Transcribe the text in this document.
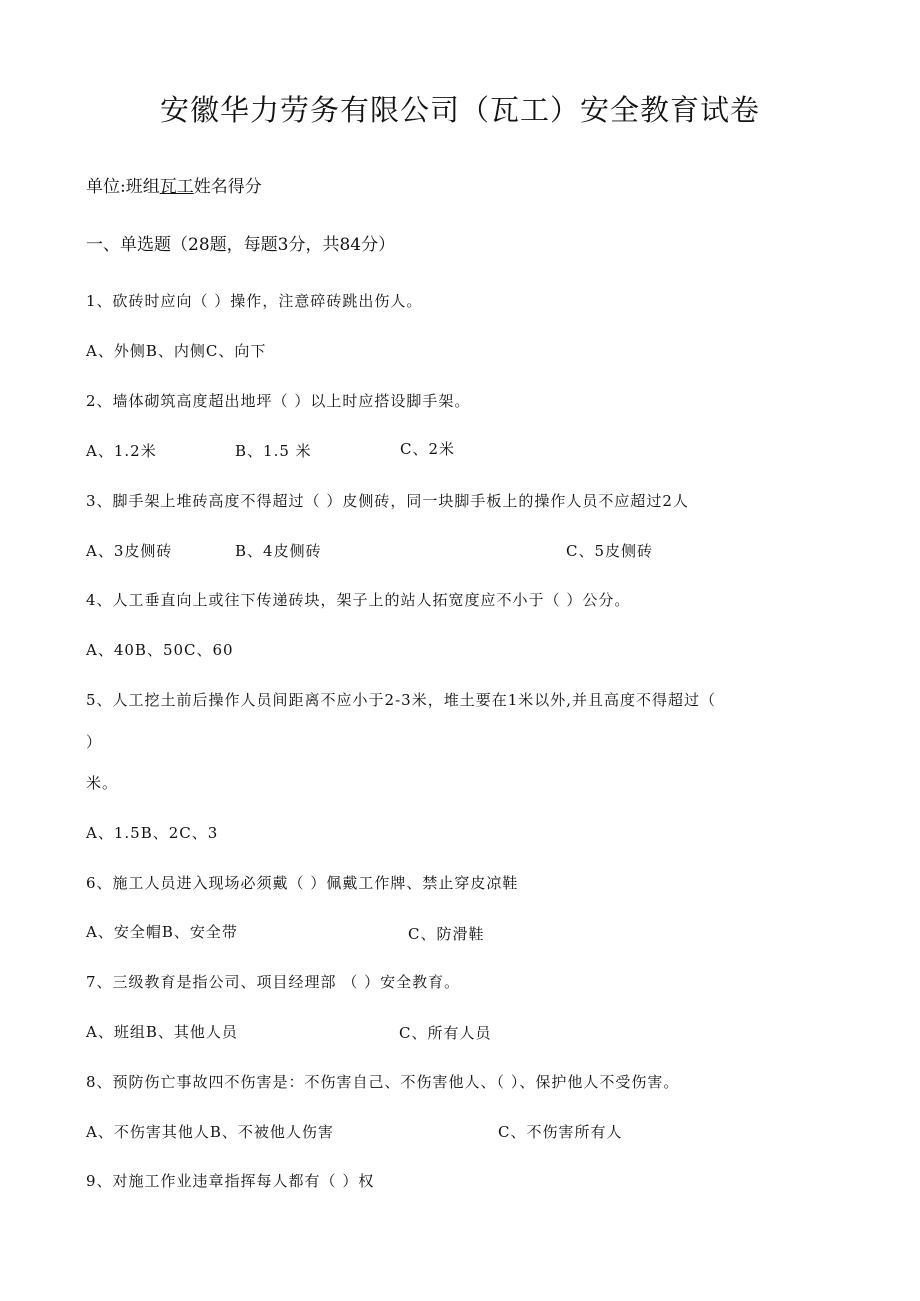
安徽华力劳务有限公司（瓦工）安全教育试卷
单位:班组瓦工姓名得分
一、单选题（28题，每题3分，共84分）
1、砍砖时应向（ ）操作，注意碎砖跳出伤人。
A、外侧B、内侧C、向下
2、墙体砌筑高度超出地坪（ ）以上时应搭设脚手架。
A、1.2米	B、1.5 米	C、2米
3、脚手架上堆砖高度不得超过（ ）皮侧砖，同一块脚手板上的操作人员不应超过2人
A、3皮侧砖	B、4皮侧砖	C、5皮侧砖
4、人工垂直向上或往下传递砖块，架子上的站人拓宽度应不小于（ ）公分。
A、40B、50C、60
5、人工挖土前后操作人员间距离不应小于2-3米，堆土要在1米以外,并且高度不得超过（
）
米。
A、1.5B、2C、3
6、施工人员进入现场必须戴（ ）佩戴工作牌、禁止穿皮凉鞋
A、安全帽B、安全带	C、防滑鞋
7、三级教育是指公司、项目经理部 （ ）安全教育。
A、班组B、其他人员	C、所有人员
8、预防伤亡事故四不伤害是：不伤害自己、不伤害他人、（ ）、保护他人不受伤害。
A、不伤害其他人B、不被他人伤害	C、不伤害所有人
9、对施工作业违章指挥每人都有（ ）权
